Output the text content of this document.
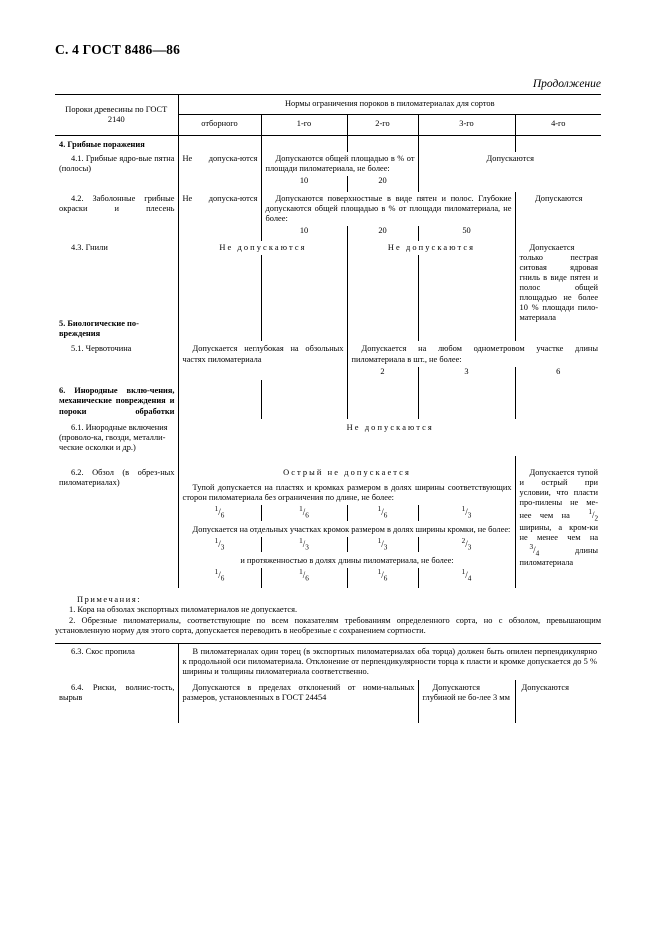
С. 4 ГОСТ 8486—86
Продолжение
Пороки древесины по ГОСТ 2140	Нормы ограничения пороков в пиломатериалах для сортов				
	отборного	1-го	2-го	3-го	4-го
4. Грибные поражения					
4.1. Грибные ядро-вые пятна (полосы)	Не допуска-ются	Допускаются общей площадью в % от площади пиломатериала, не более:		Допускаются	
		10	20		
4.2. Заболонные грибные окраски и плесень	Не допуска-ются	Допускаются поверхностные в виде пятен и полос. Глубокие допускаются общей площадью в % от площади пиломатериала, не более:			Допускаются
		10	20	50	
4.3. Гнили	Не допускаются		Не допускаются		Допускается только пестрая ситовая ядровая гниль в виде пятен и полос общей площадью не более 10 % площади пило-материала

5. Биологические по-вреждения					
5.1. Червоточина	Допускается неглубокая на обзольных частях пиломатериала		Допускается на любом однометровом участке длины пиломатериала в шт., не более:		
			2	3	6
6. Инородные вклю-чения, механические повреждения и пороки обработки					
6.1. Инородные включения (проволо-ка, гвозди, металли-ческие осколки и др.)	Не допускаются				
6.2. Обзол (в обрез-ных пиломатериалах)	Острый не допускается				Допускается тупой и острый при условии, что пласти про-пилены не ме-нее чем на $^1/_2$ ширины, а кром-ки не менее чем на $^3/_4$ длины пиломатериала
	Тупой допускается на пластях и кромках размером в долях ширины соответствующих сторон пиломатериала без ограничения по длине, не более:				
	$^1/_6$	$^1/_6$	$^1/_6$	$^1/_3$
	Допускается на отдельных участках кромок размером в долях ширины кромки, не более:				
	$^1/_3$	$^1/_3$	$^1/_3$	$^2/_3$
	и протяженностью в долях длины пиломатериала, не более:				
	$^1/_6$	$^1/_6$	$^1/_6$	$^1/_4$
Примечания:

1. Кора на обзолах экспортных пиломатериалов не допускается.

2. Обрезные пиломатериалы, соответствующие по всем показателям требованиям определенного сорта, но с обзолом, превышающим установленную норму для этого сорта, допускается переводить в необрезные с сохранением сортности.

6.3. Скос пропила	В пиломатериалах один торец (в экспортных пиломатериалах оба торца) должен быть опилен перпендикулярно к продольной оси пиломатериала. Отклонение от перпендикулярности торца к пласти и кромке допускается до 5 % ширины и толщины пиломатериала соответственно.		
6.4. Риски, волнис-тость, вырыв	Допускаются в пределах отклонений от номи-нальных размеров, установленных в ГОСТ 24454	Допускаются глубиной не бо-лее 3 мм	Допускаются
